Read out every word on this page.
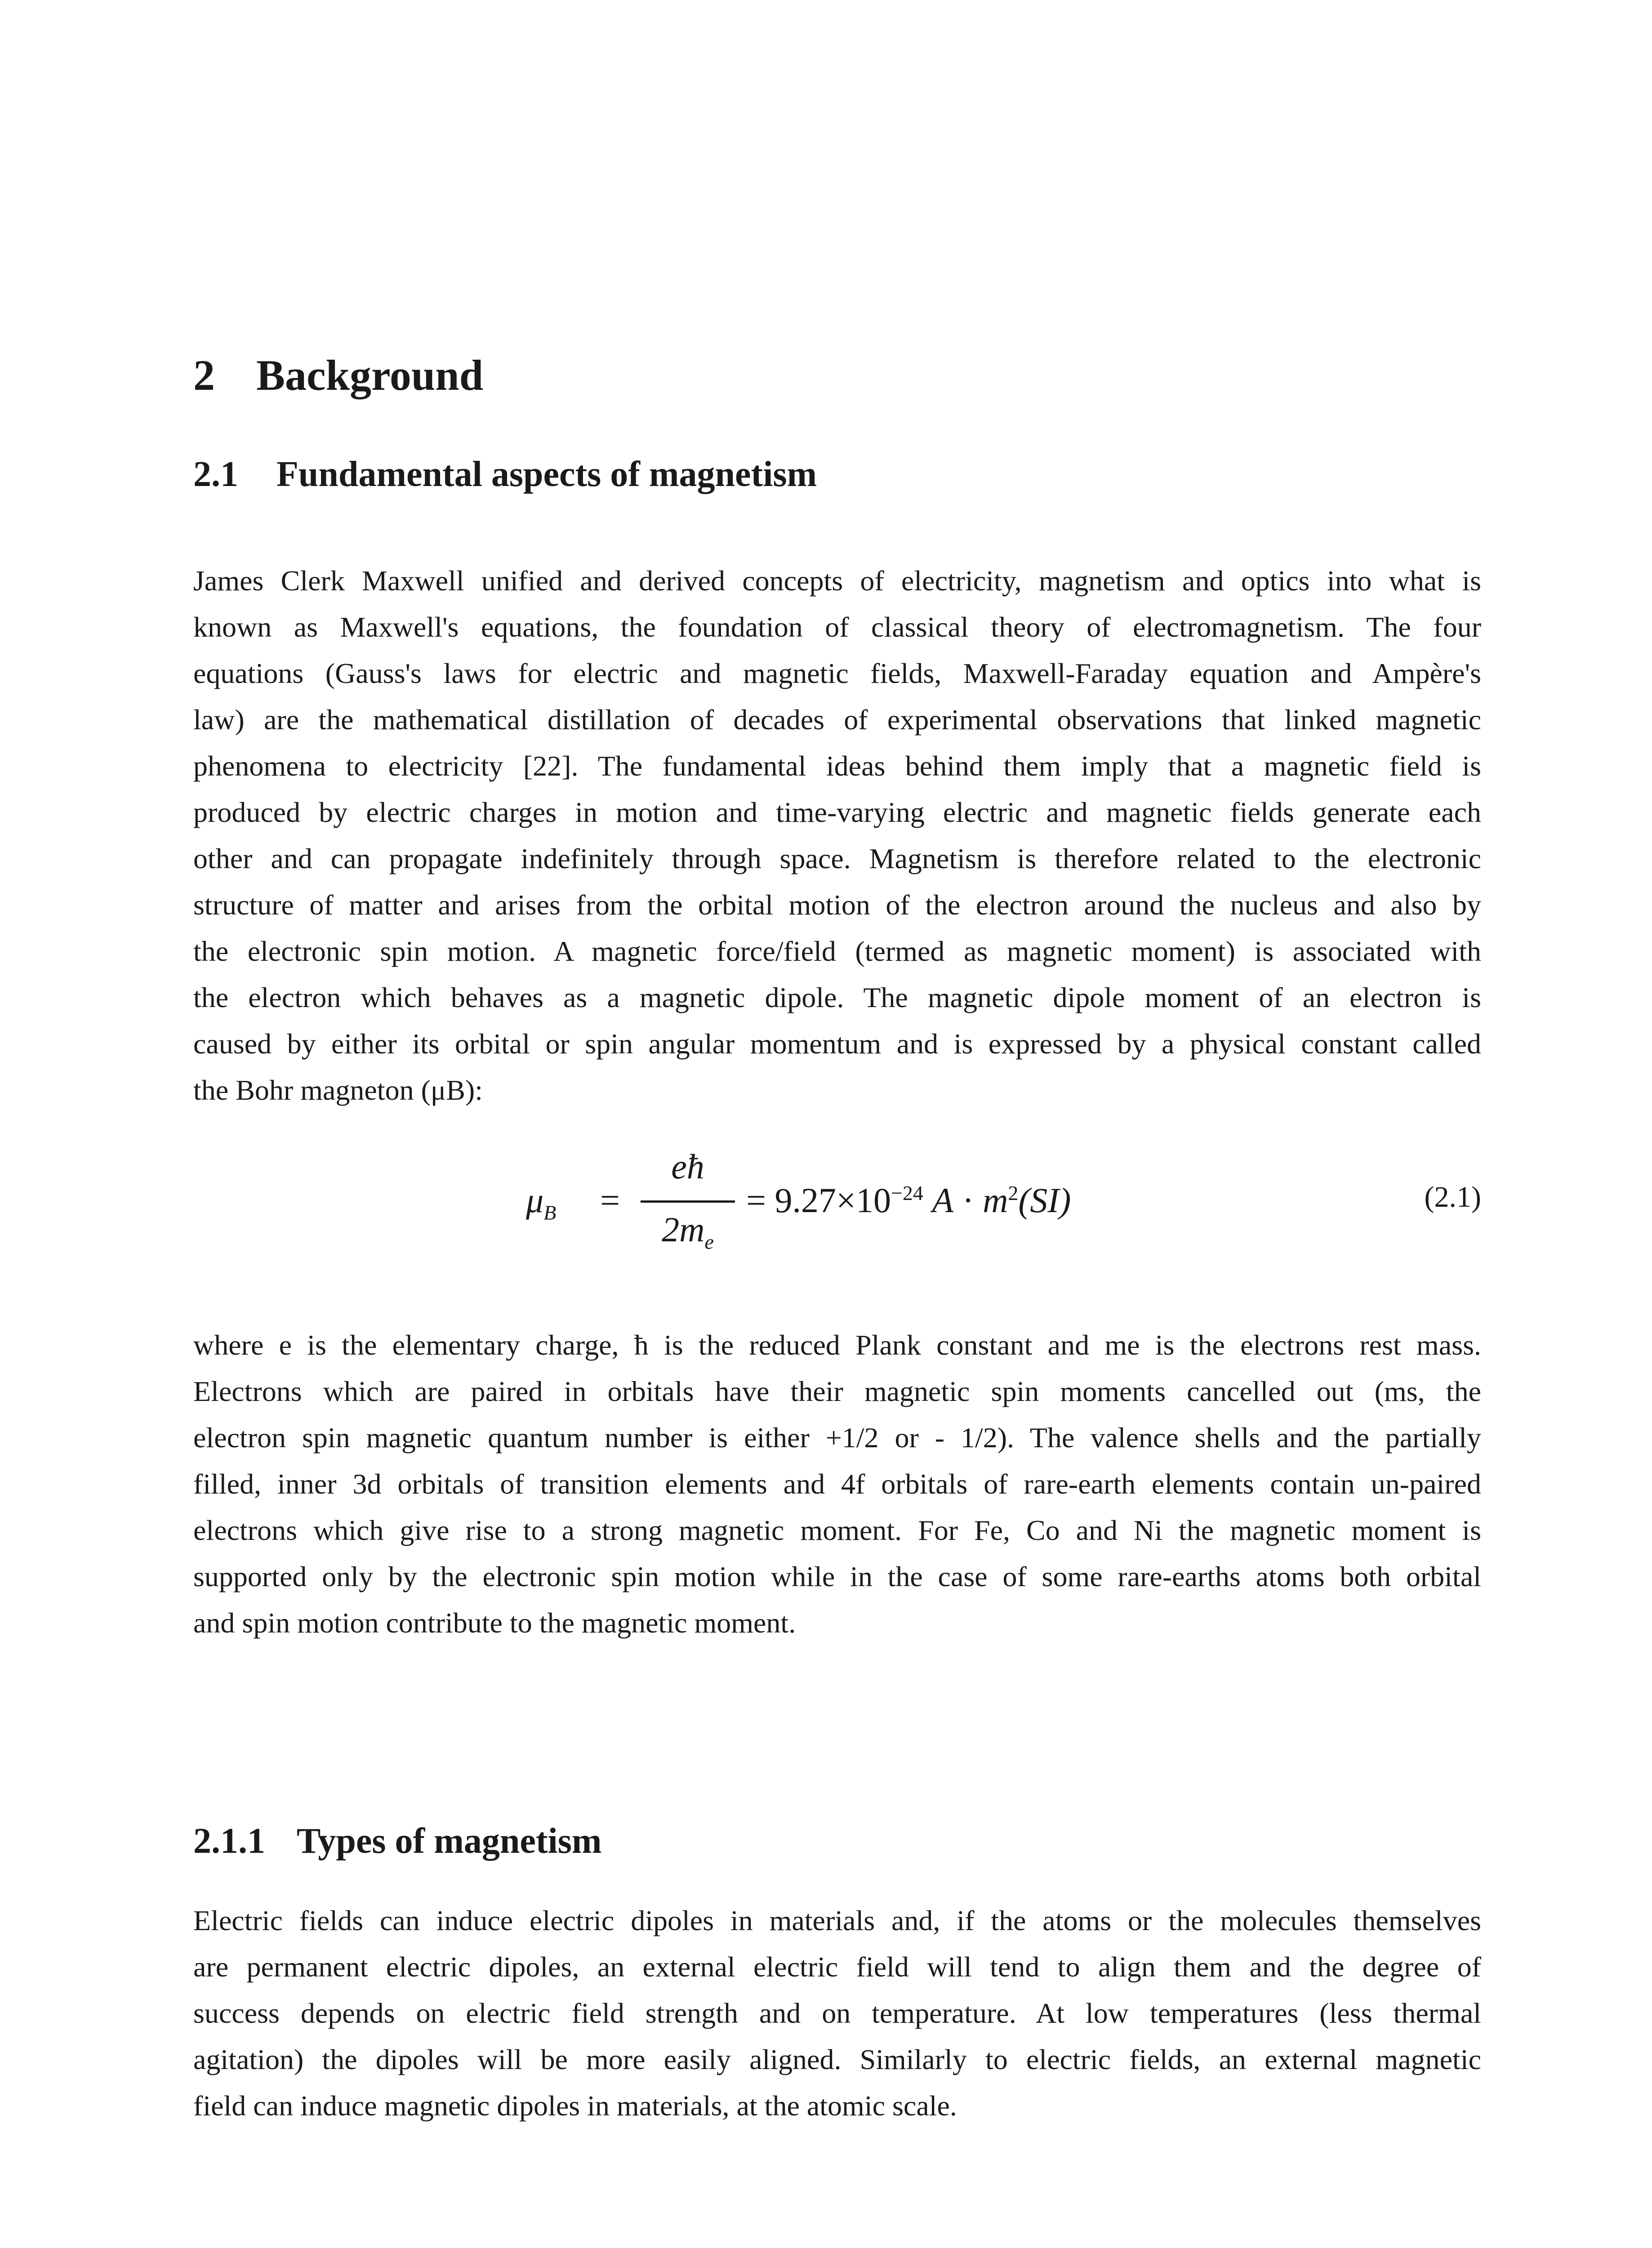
2 Background
2.1 Fundamental aspects of magnetism
James Clerk Maxwell unified and derived concepts of electricity, magnetism and optics into what is
known as Maxwell's equations, the foundation of classical theory of electromagnetism. The four
equations (Gauss's laws for electric and magnetic fields, Maxwell-Faraday equation and Ampère's
law) are the mathematical distillation of decades of experimental observations that linked magnetic
phenomena to electricity [22]. The fundamental ideas behind them imply that a magnetic field is
produced by electric charges in motion and time-varying electric and magnetic fields generate each
other and can propagate indefinitely through space. Magnetism is therefore related to the electronic
structure of matter and arises from the orbital motion of the electron around the nucleus and also by
the electronic spin motion. A magnetic force/field (termed as magnetic moment) is associated with
the electron which behaves as a magnetic dipole. The magnetic dipole moment of an electron is
caused by either its orbital or spin angular momentum and is expressed by a physical constant called
the Bohr magneton (μB):
$\mu_B$ =
eħ
$2m_e$
= $9.27\times 10^{-24}$ $A \cdot m^2(SI)$	(2.1)
where e is the elementary charge, ħ is the reduced Plank constant and me is the electrons rest mass.
Electrons which are paired in orbitals have their magnetic spin moments cancelled out (ms, the
electron spin magnetic quantum number is either +1/2 or - 1/2). The valence shells and the partially
filled, inner 3d orbitals of transition elements and 4f orbitals of rare-earth elements contain un-paired
electrons which give rise to a strong magnetic moment. For Fe, Co and Ni the magnetic moment is
supported only by the electronic spin motion while in the case of some rare-earths atoms both orbital
and spin motion contribute to the magnetic moment.
2.1.1 Types of magnetism
Electric fields can induce electric dipoles in materials and, if the atoms or the molecules themselves
are permanent electric dipoles, an external electric field will tend to align them and the degree of
success depends on electric field strength and on temperature. At low temperatures (less thermal
agitation) the dipoles will be more easily aligned. Similarly to electric fields, an external magnetic
field can induce magnetic dipoles in materials, at the atomic scale.
